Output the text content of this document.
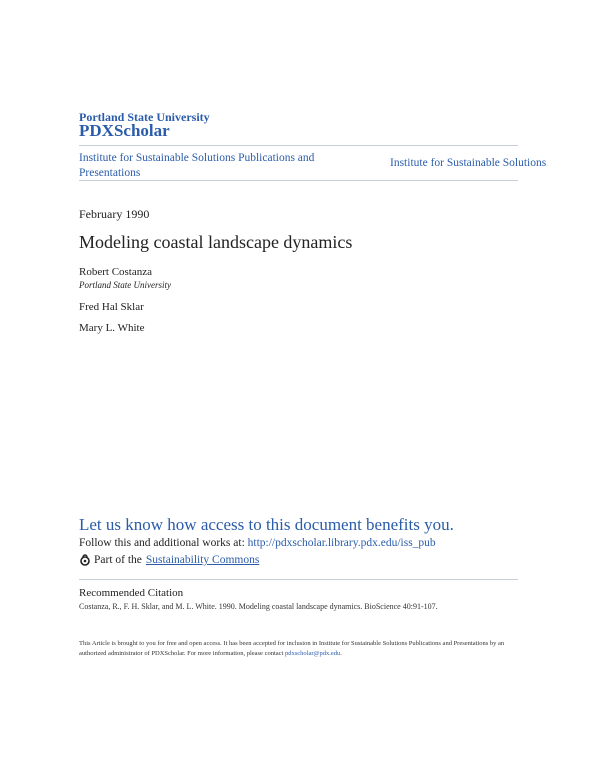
Portland State University
PDXScholar
Institute for Sustainable Solutions Publications and Presentations
Institute for Sustainable Solutions
February 1990
Modeling coastal landscape dynamics
Robert Costanza
Portland State University
Fred Hal Sklar
Mary L. White
Let us know how access to this document benefits you.
Follow this and additional works at: http://pdxscholar.library.pdx.edu/iss_pub
Part of the Sustainability Commons
Recommended Citation
Costanza, R., F. H. Sklar, and M. L. White. 1990. Modeling coastal landscape dynamics. BioScience 40:91-107.
This Article is brought to you for free and open access. It has been accepted for inclusion in Institute for Sustainable Solutions Publications and Presentations by an authorized administrator of PDXScholar. For more information, please contact pdxscholar@pdx.edu.
